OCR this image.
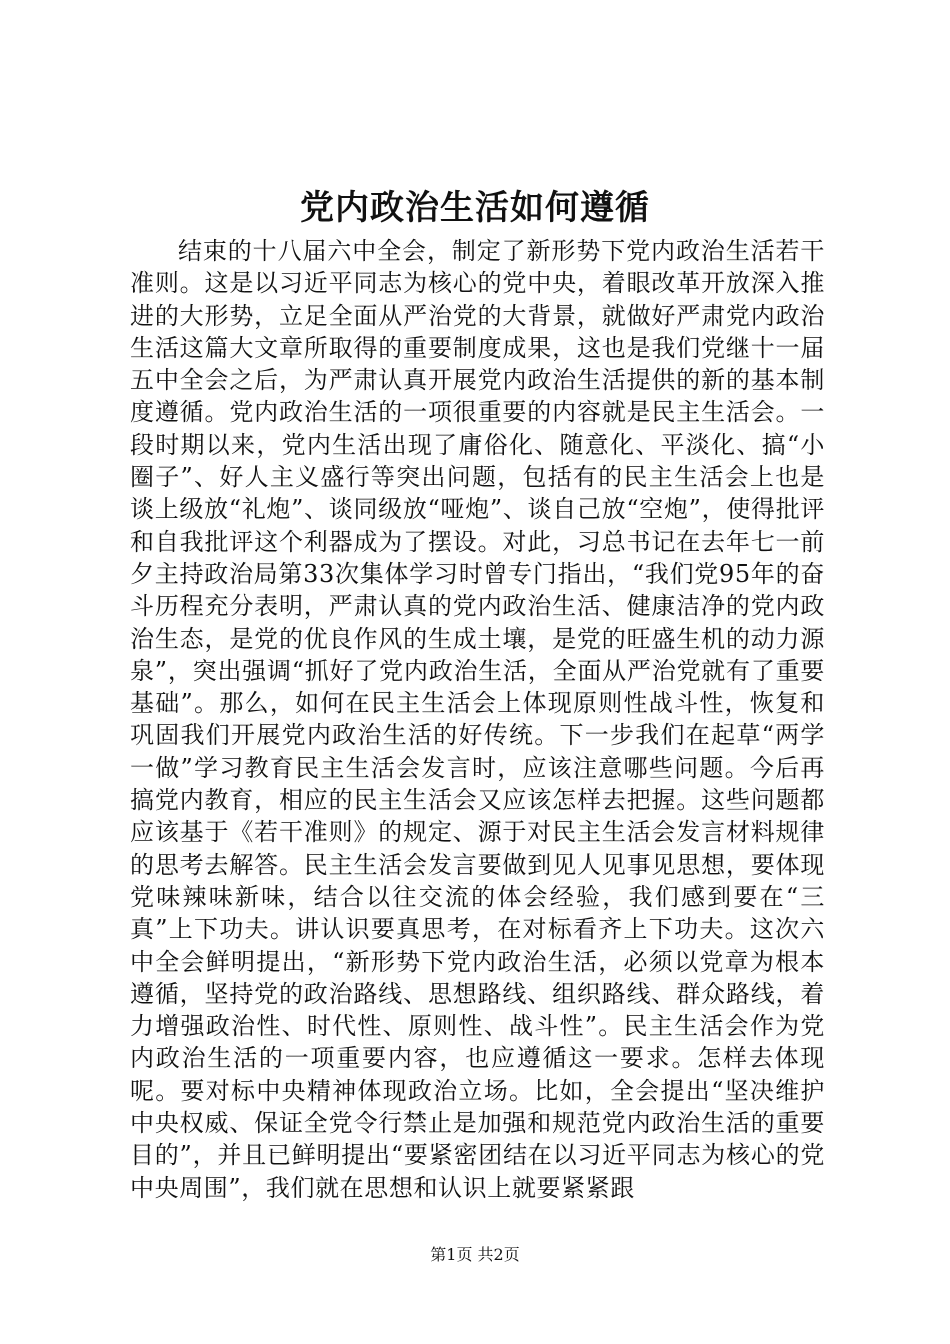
党内政治生活如何遵循

结束的十八届六中全会，制定了新形势下党内政治生活若干准则。这是以习近平同志为核心的党中央，着眼改革开放深入推进的大形势，立足全面从严治党的大背景，就做好严肃党内政治生活这篇大文章所取得的重要制度成果，这也是我们党继十一届五中全会之后，为严肃认真开展党内政治生活提供的新的基本制度遵循。党内政治生活的一项很重要的内容就是民主生活会。一段时期以来，党内生活出现了庸俗化、随意化、平淡化、搞“小圈子”、好人主义盛行等突出问题，包括有的民主生活会上也是谈上级放“礼炮”、谈同级放“哑炮”、谈自己放“空炮”，使得批评和自我批评这个利器成为了摆设。对此，习总书记在去年七一前夕主持政治局第33次集体学习时曾专门指出，“我们党95年的奋斗历程充分表明，严肃认真的党内政治生活、健康洁净的党内政治生态，是党的优良作风的生成土壤，是党的旺盛生机的动力源泉”，突出强调“抓好了党内政治生活，全面从严治党就有了重要基础”。那么，如何在民主生活会上体现原则性战斗性，恢复和巩固我们开展党内政治生活的好传统。下一步我们在起草“两学一做”学习教育民主生活会发言时，应该注意哪些问题。今后再搞党内教育，相应的民主生活会又应该怎样去把握。这些问题都应该基于《若干准则》的规定、源于对民主生活会发言材料规律的思考去解答。民主生活会发言要做到见人见事见思想，要体现党味辣味新味，结合以往交流的体会经验，我们感到要在“三真”上下功夫。讲认识要真思考，在对标看齐上下功夫。这次六中全会鲜明提出，“新形势下党内政治生活，必须以党章为根本遵循，坚持党的政治路线、思想路线、组织路线、群众路线，着力增强政治性、时代性、原则性、战斗性”。民主生活会作为党内政治生活的一项重要内容，也应遵循这一要求。怎样去体现呢。要对标中央精神体现政治立场。比如，全会提出“坚决维护中央权威、保证全党令行禁止是加强和规范党内政治生活的重要目的”，并且已鲜明提出“要紧密团结在以习近平同志为核心的党中央周围”，我们就在思想和认识上就要紧紧跟

第1页 共2页
